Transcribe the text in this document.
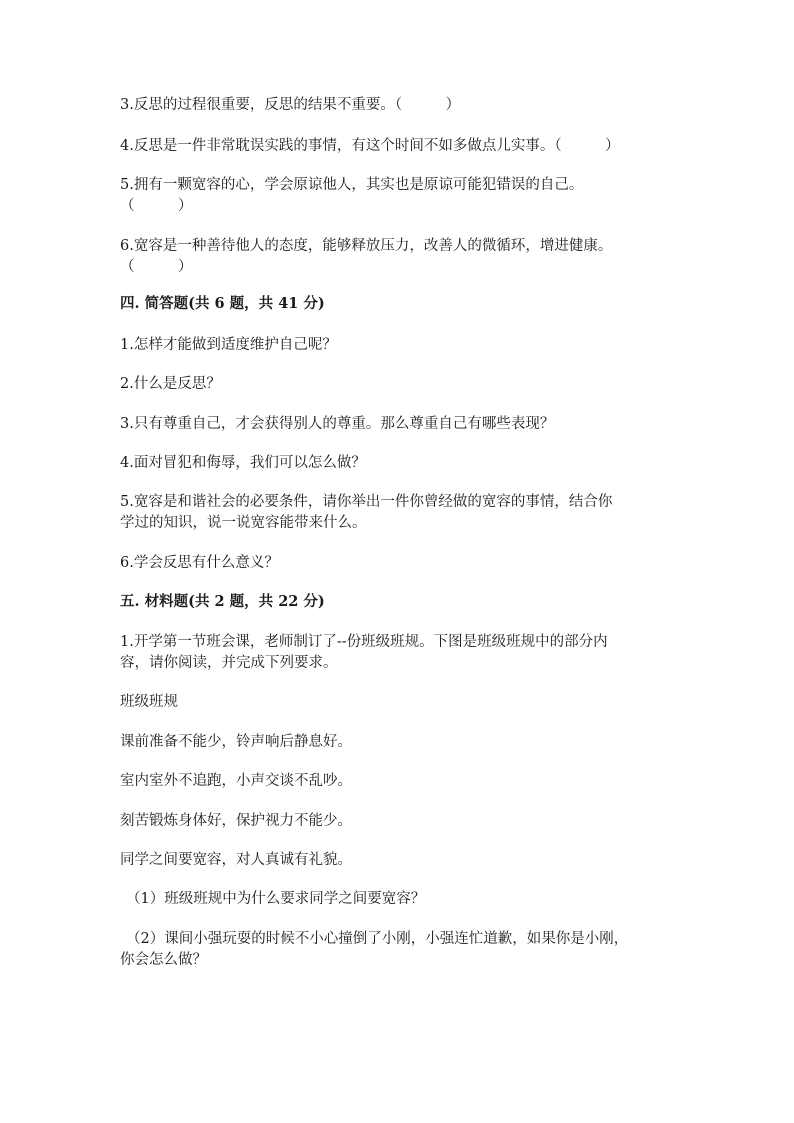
3.反思的过程很重要，反思的结果不重要。（　　　）
4.反思是一件非常耽误实践的事情，有这个时间不如多做点儿实事。（　　　）
5.拥有一颗宽容的心，学会原谅他人，其实也是原谅可能犯错误的自己。
（　　　）
6.宽容是一种善待他人的态度，能够释放压力，改善人的微循环，增进健康。
（　　　）
四. 简答题(共 6 题，共 41 分)
1.怎样才能做到适度维护自己呢？
2.什么是反思？
3.只有尊重自己，才会获得别人的尊重。那么尊重自己有哪些表现？
4.面对冒犯和侮辱，我们可以怎么做？
5.宽容是和谐社会的必要条件，请你举出一件你曾经做的宽容的事情，结合你
学过的知识，说一说宽容能带来什么。
6.学会反思有什么意义？
五. 材料题(共 2 题，共 22 分)
1.开学第一节班会课，老师制订了--份班级班规。下图是班级班规中的部分内
容，请你阅读，并完成下列要求。
班级班规
课前准备不能少，铃声响后静息好。
室内室外不追跑，小声交谈不乱吵。
刻苦锻炼身体好，保护视力不能少。
同学之间要宽容，对人真诚有礼貌。
（1）班级班规中为什么要求同学之间要宽容？
（2）课间小强玩耍的时候不小心撞倒了小刚，小强连忙道歉，如果你是小刚，
你会怎么做？
